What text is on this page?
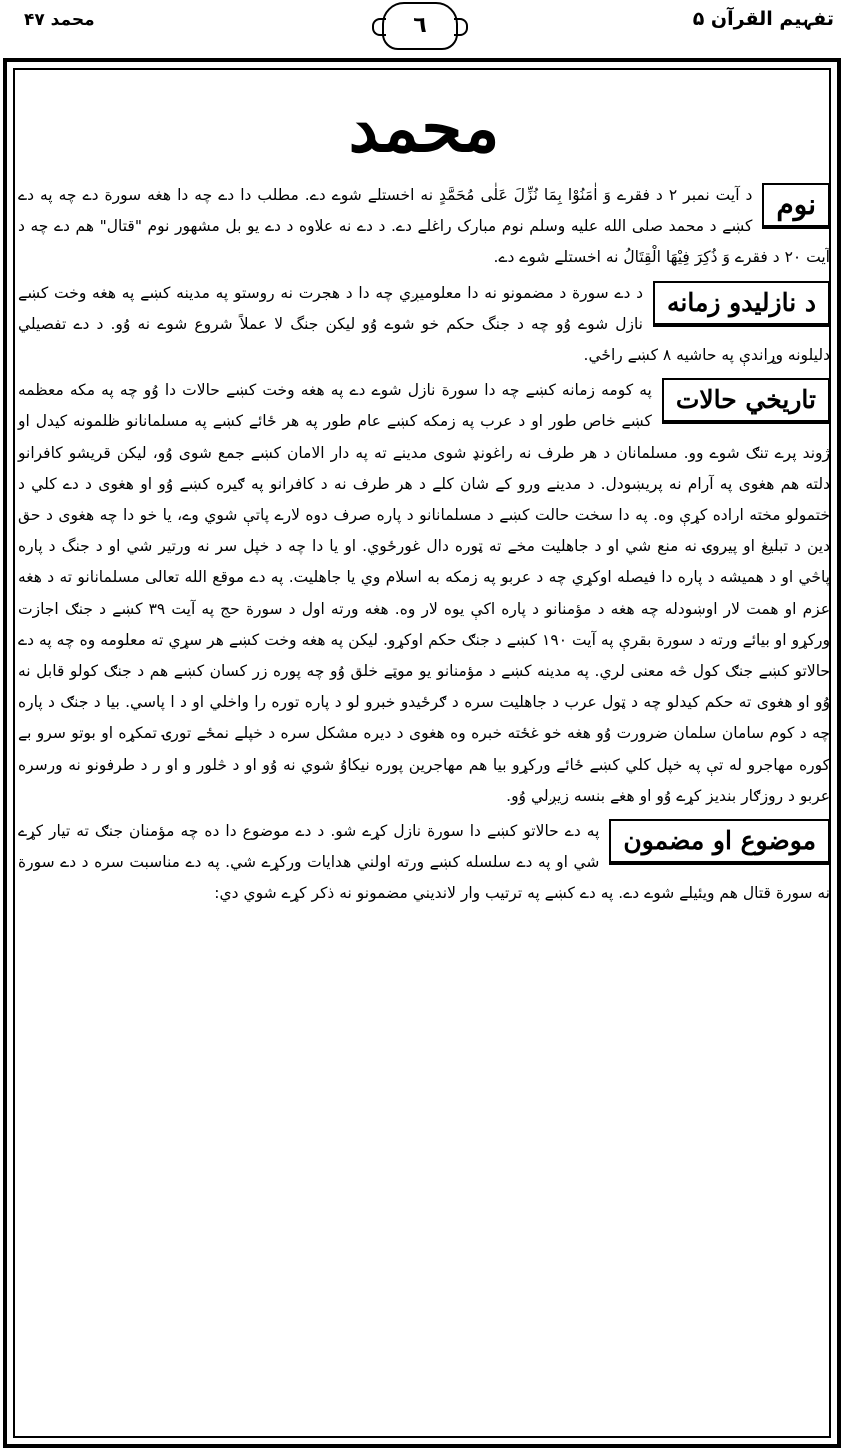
تفہیم القرآن ۵
٦
محمد ۴۷
محمد
نوم
د آیت نمبر ۲ د فقرے وَ اٰمَنُوْا بِمَا نُزِّلَ عَلٰی مُحَمَّدٍ نه اخستلے شوے دے. مطلب دا دے چه دا هغه سورة دے چه په دے کښے د محمد صلی الله علیه وسلم نوم مبارک راغلے دے. د دے نه علاوه د دے یو بل مشهور نوم "قتال" هم دے چه د آیت ۲۰ د فقرے وَ ذُکِرَ فِیْهَا الْقِتَالُ نه اخستلے شوے دے.
د نازلیدو زمانه
د دے سورة د مضمونو نه دا معلومیږي چه دا د هجرت نه روستو په مدینه کښے په هغه وخت کښے نازل شوے وُو چه د جنگ حکم خو شوے وُو لیکن جنگ لا عملاً شروع شوے نه وُو. د دے تفصیلي دلیلونه وړاندې په حاشیه ۸ کښے راځي.
تاریخي حالات
په کومه زمانه کښے چه دا سورة نازل شوے دے په هغه وخت کښے حالات دا وُو چه په مکه معظمه کښے خاص طور او د عرب په زمکه کښے عام طور په هر ځائے کښے په مسلمانانو ظلمونه کیدل او ژوند پرے تنګ شوے وو. مسلمانان د هر طرف نه راغونډ شوی مدینے ته په دار الامان کښے جمع شوی وُو، لیکن قریشو کافرانو دلته هم هغوی په آرام نه پریښودل. د مدینے ورو کے شان کلے د هر طرف نه د کافرانو په ګیره کښے وُو او هغوی د دے کلي د ختمولو مخته اراده کړې وه. په دا سخت حالت کښے د مسلمانانو د پاره صرف دوه لارے پاتې شوي وے، یا خو دا چه هغوی د حق دین د تبلیغ او پیروۍ نه منع شي او د جاهلیت مخے ته ټوره دال غورځوي. او یا دا چه د خپل سر نه ورتیر شي او د جنگ د پاره پاڅي او د همیشه د پاره دا فیصله اوکړي چه د عربو په زمکه به اسلام وي یا جاهلیت. په دے موقع الله تعالی مسلمانانو ته د هغه عزم او همت لار اوښودله چه هغه د مؤمنانو د پاره اکې یوه لار وه. هغه ورته اول د سورة حج په آیت ۳۹ کښے د جنګ اجازت ورکړو او بیائے ورته د سورة بقرې په آیت ۱۹۰ کښے د جنګ حکم اوکړو. لیکن په هغه وخت کښے هر سړي ته معلومه وه چه په دے حالاتو کښے جنګ کول څه معنی لري. په مدینه کښے د مؤمنانو یو موټے خلق وُو چه پوره زر کسان کښے هم د جنګ کولو قابل نه وُو او هغوی ته حکم کیدلو چه د ټول عرب د جاهلیت سره د ګرځیدو خبرو لو د پاره توره را واخلي او د ا پاسي. بیا د جنګ د پاره چه د کوم سامان سلمان ضرورت وُو هغه خو غځته خبره وه هغوی د دیره مشکل سره د خپلے نمځے تورۍ تمکړه او بوتو سرو بے کوره مهاجرو له تې په خپل کلي کښے ځائے ورکړو بیا هم مهاجرین پوره نیکاوُ شوي نه وُو او د څلور و او ر د طرفونو نه ورسره عربو د روزګار بندیز کړے وُو او هغے بنسه زیږلي وُو.
موضوع او مضمون
په دے حالاتو کښے دا سورة نازل کړے شو. د دے موضوع دا ده چه مؤمنان جنګ ته تیار کړے شي او په دے سلسله کښے ورته اولني هدایات ورکړے شي. په دے مناسبت سره د دے سورة نه سورة قتال هم ویئیلے شوے دے. په دے کښے په ترتیب وار لاندیني مضمونو نه ذکر کړے شوي دي:
